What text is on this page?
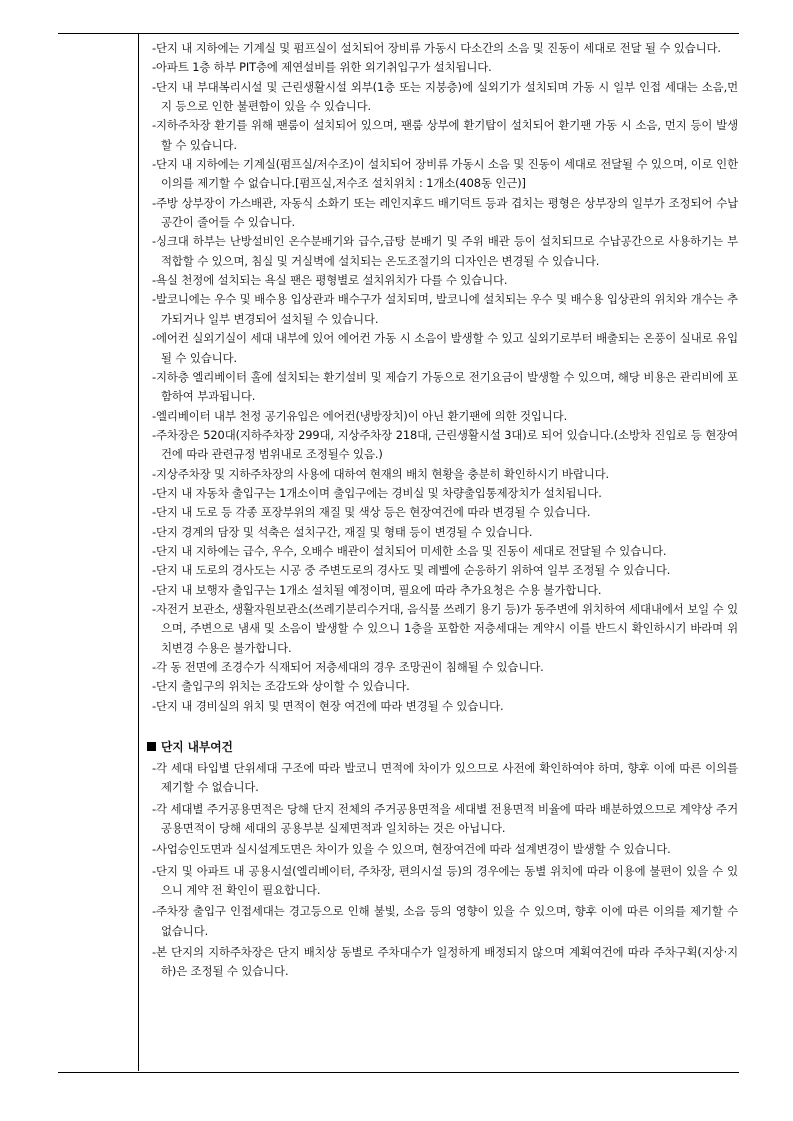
-단지 내 지하에는 기계실 및 펌프실이 설치되어 장비류 가동시 다소간의 소음 및 진동이 세대로 전달 될 수 있습니다.

-아파트 1층 하부 PIT층에 제연설비를 위한 외기취입구가 설치됩니다.

-단지 내 부대복리시설 및 근린생활시설 외부(1층 또는 지붕층)에 실외기가 설치되며 가동 시 일부 인접 세대는 소음,먼지 등으로 인한 불편함이 있을 수 있습니다.

-지하주차장 환기를 위해 팬룸이 설치되어 있으며, 팬룸 상부에 환기탑이 설치되어 환기팬 가동 시 소음, 먼지 등이 발생할 수 있습니다.

-단지 내 지하에는 기계실(펌프실/저수조)이 설치되어 장비류 가동시 소음 및 진동이 세대로 전달될 수 있으며, 이로 인한 이의를 제기할 수 없습니다.[펌프실,저수조 설치위치 : 1개소(408동 인근)]

-주방 상부장이 가스배관, 자동식 소화기 또는 레인지후드 배기덕트 등과 겹치는 평형은 상부장의 일부가 조정되어 수납공간이 줄어들 수 있습니다.

-싱크대 하부는 난방설비인 온수분배기와 급수,급탕 분배기 및 주위 배관 등이 설치되므로 수납공간으로 사용하기는 부적합할 수 있으며, 침실 및 거실벽에 설치되는 온도조절기의 디자인은 변경될 수 있습니다.

-욕실 천정에 설치되는 욕실 팬은 평형별로 설치위치가 다를 수 있습니다.

-발코니에는 우수 및 배수용 입상관과 배수구가 설치되며, 발코니에 설치되는 우수 및 배수용 입상관의 위치와 개수는 추가되거나 일부 변경되어 설치될 수 있습니다.

-에어컨 실외기실이 세대 내부에 있어 에어컨 가동 시 소음이 발생할 수 있고 실외기로부터 배출되는 온풍이 실내로 유입될 수 있습니다.

-지하층 엘리베이터 홀에 설치되는 환기설비 및 제습기 가동으로 전기요금이 발생할 수 있으며, 해당 비용은 관리비에 포함하여 부과됩니다.

-엘리베이터 내부 천정 공기유입은 에어컨(냉방장치)이 아닌 환기팬에 의한 것입니다.

-주차장은 520대(지하주차장 299대, 지상주차장 218대, 근린생활시설 3대)로 되어 있습니다.(소방차 진입로 등 현장여건에 따라 관련규정 범위내로 조정될수 있음.)

-지상주차장 및 지하주차장의 사용에 대하여 현재의 배치 현황을 충분히 확인하시기 바랍니다.

-단지 내 자동차 출입구는 1개소이며 출입구에는 경비실 및 차량출입통제장치가 설치됩니다.

-단지 내 도로 등 각종 포장부위의 재질 및 색상 등은 현장여건에 따라 변경될 수 있습니다.

-단지 경계의 담장 및 석축은 설치구간, 재질 및 형태 등이 변경될 수 있습니다.

-단지 내 지하에는 급수, 우수, 오배수 배관이 설치되어 미세한 소음 및 진동이 세대로 전달될 수 있습니다.

-단지 내 도로의 경사도는 시공 중 주변도로의 경사도 및 레벨에 순응하기 위하여 일부 조정될 수 있습니다.

-단지 내 보행자 출입구는 1개소 설치될 예정이며, 필요에 따라 추가요청은 수용 불가합니다.

-자전거 보관소, 생활자원보관소(쓰레기분리수거대, 음식물 쓰레기 용기 등)가 동주변에 위치하여 세대내에서 보일 수 있으며, 주변으로 냄새 및 소음이 발생할 수 있으니 1층을 포함한 저층세대는 계약시 이를 반드시 확인하시기 바라며 위치변경 수용은 불가합니다.

-각 동 전면에 조경수가 식재되어 저층세대의 경우 조망권이 침해될 수 있습니다.

-단지 출입구의 위치는 조감도와 상이할 수 있습니다.

-단지 내 경비실의 위치 및 면적이 현장 여건에 따라 변경될 수 있습니다.

단지 내부여건

-각 세대 타입별 단위세대 구조에 따라 발코니 면적에 차이가 있으므로 사전에 확인하여야 하며, 향후 이에 따른 이의를 제기할 수 없습니다.

-각 세대별 주거공용면적은 당해 단지 전체의 주거공용면적을 세대별 전용면적 비율에 따라 배분하였으므로 계약상 주거공용면적이 당해 세대의 공용부분 실제면적과 일치하는 것은 아닙니다.

-사업승인도면과 실시설계도면은 차이가 있을 수 있으며, 현장여건에 따라 설계변경이 발생할 수 있습니다.

-단지 및 아파트 내 공용시설(엘리베이터, 주차장, 편의시설 등)의 경우에는 동별 위치에 따라 이용에 불편이 있을 수 있으니 계약 전 확인이 필요합니다.

-주차장 출입구 인접세대는 경고등으로 인해 불빛, 소음 등의 영향이 있을 수 있으며, 향후 이에 따른 이의를 제기할 수 없습니다.

-본 단지의 지하주차장은 단지 배치상 동별로 주차대수가 일정하게 배정되지 않으며 계획여건에 따라 주차구획(지상·지하)은 조정될 수 있습니다.
